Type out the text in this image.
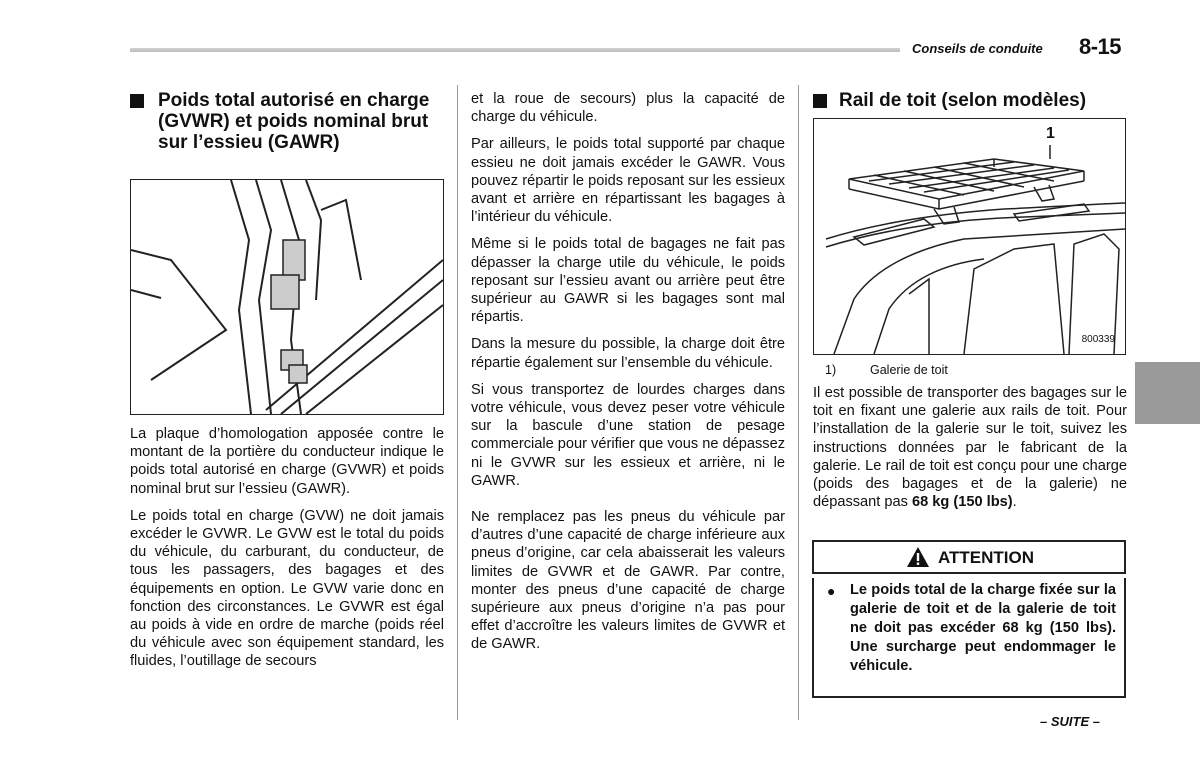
Conseils de conduite 8-15
Poids total autorisé en charge (GVWR) et poids nominal brut sur l’essieu (GAWR)

La plaque d’homologation apposée contre le montant de la portière du conducteur indique le poids total autorisé en charge (GVWR) et poids nominal brut sur l’essieu (GAWR).

Le poids total en charge (GVW) ne doit jamais excéder le GVWR. Le GVW est le total du poids du véhicule, du carburant, du conducteur, de tous les passagers, des bagages et des équipements en option. Le GVW varie donc en fonction des circonstances. Le GVWR est égal au poids à vide en ordre de marche (poids réel du véhicule avec son équipement standard, les fluides, l’outillage de secours

et la roue de secours) plus la capacité de charge du véhicule.

Par ailleurs, le poids total supporté par chaque essieu ne doit jamais excéder le GAWR. Vous pouvez répartir le poids reposant sur les essieux avant et arrière en répartissant les bagages à l’intérieur du véhicule.

Même si le poids total de bagages ne fait pas dépasser la charge utile du véhicule, le poids reposant sur l’essieu avant ou arrière peut être supérieur au GAWR si les bagages sont mal répartis.

Dans la mesure du possible, la charge doit être répartie également sur l’ensemble du véhicule.

Si vous transportez de lourdes charges dans votre véhicule, vous devez peser votre véhicule sur la bascule d’une station de pesage commerciale pour vérifier que vous ne dépassez ni le GVWR sur les essieux et arrière, ni le GAWR.

Ne remplacez pas les pneus du véhicule par d’autres d’une capacité de charge inférieure aux pneus d’origine, car cela abaisserait les valeurs limites de GVWR et de GAWR. Par contre, monter des pneus d’une capacité de charge supérieure aux pneus d’origine n’a pas pour effet d’accroître les valeurs limites de GVWR et de GAWR.

Rail de toit (selon modèles)
1
800339
1)	Galerie de toit

Il est possible de transporter des bagages sur le toit en fixant une galerie aux rails de toit. Pour l’installation de la galerie sur le toit, suivez les instructions données par le fabricant de la galerie. Le rail de toit est conçu pour une charge (poids des bagages et de la galerie) ne dépassant pas 68 kg (150 lbs).

ATTENTION
● Le poids total de la charge fixée sur la galerie de toit et de la galerie de toit ne doit pas excéder 68 kg (150 lbs). Une surcharge peut endommager le véhicule.
– SUITE –
